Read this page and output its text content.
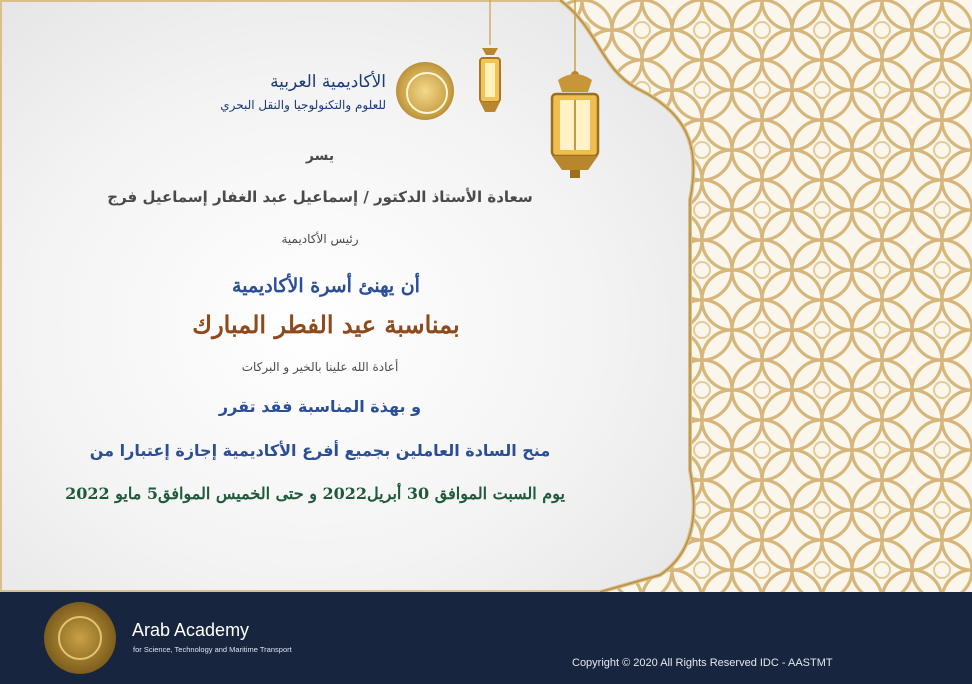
الأكاديمية العربية
للعلوم والتكنولوجيا والنقل البحري
يسر
سعادة الأستاذ الدكتور / إسماعيل عبد الغفار إسماعيل فرج
رئيس الأكاديمية
أن يهنئ أسرة الأكاديمية
بمناسبة عيد الفطر المبارك
أعادة الله علينا بالخير و البركات
و بهذة المناسبة فقد تقرر
منح السادة العاملين بجميع أفرع الأكاديمية إجازة إعتبارا من
يوم السبت الموافق 30 أبريل2022 و حتى الخميس الموافق5 مايو 2022
Arab Academy
for Science, Technology and Maritime Transport
Copyright © 2020 All Rights Reserved IDC - AASTMT
